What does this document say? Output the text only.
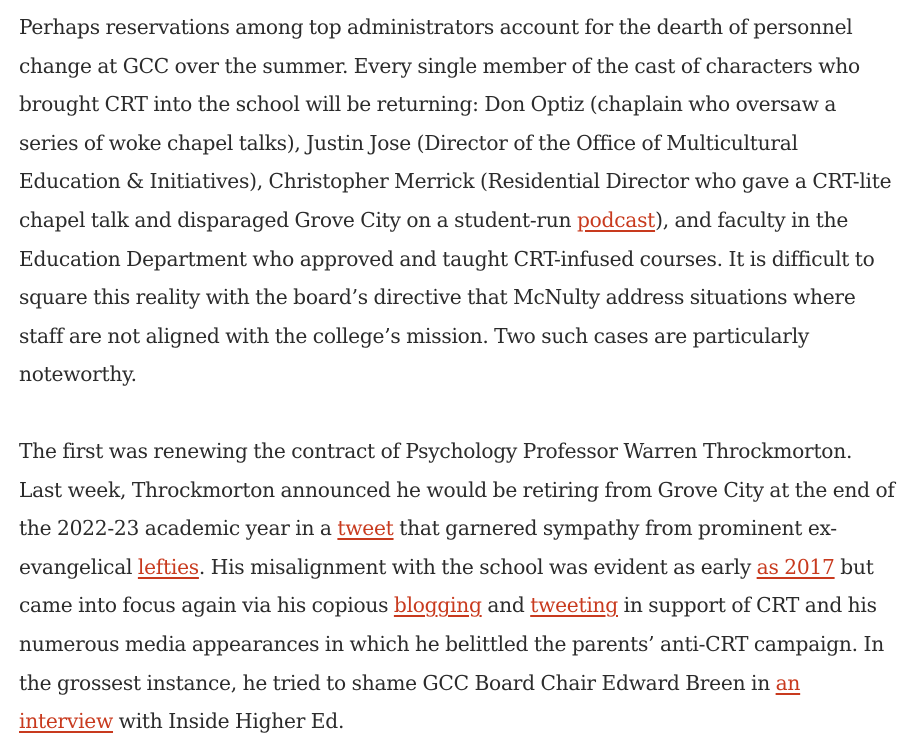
Perhaps reservations among top administrators account for the dearth of personnel change at GCC over the summer. Every single member of the cast of characters who brought CRT into the school will be returning: Don Optiz (chaplain who oversaw a series of woke chapel talks), Justin Jose (Director of the Office of Multicultural Education & Initiatives), Christopher Merrick (Residential Director who gave a CRT-lite chapel talk and disparaged Grove City on a student-run podcast), and faculty in the Education Department who approved and taught CRT-infused courses. It is difficult to square this reality with the board’s directive that McNulty address situations where staff are not aligned with the college’s mission. Two such cases are particularly noteworthy.

The first was renewing the contract of Psychology Professor Warren Throckmorton. Last week, Throckmorton announced he would be retiring from Grove City at the end of the 2022-23 academic year in a tweet that garnered sympathy from prominent ex-evangelical lefties. His misalignment with the school was evident as early as 2017 but came into focus again via his copious blogging and tweeting in support of CRT and his numerous media appearances in which he belittled the parents’ anti-CRT campaign. In the grossest instance, he tried to shame GCC Board Chair Edward Breen in an interview with Inside Higher Ed.
